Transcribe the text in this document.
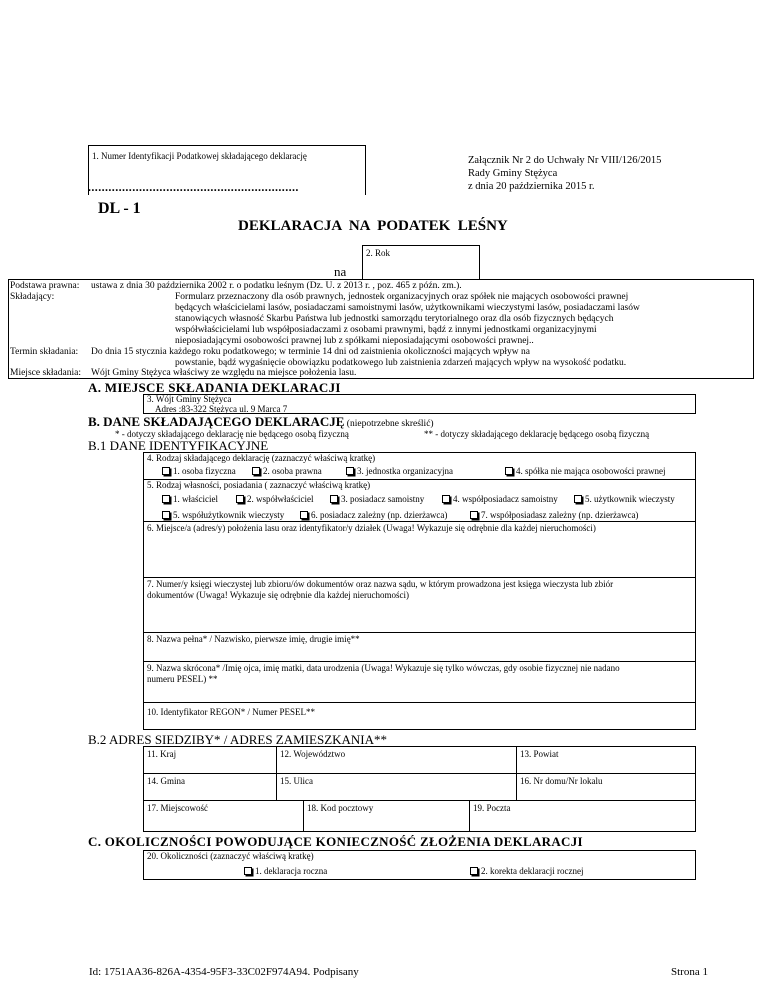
1. Numer Identyfikacji Podatkowej składającego deklarację
..............................................................
Załącznik Nr 2 do Uchwały Nr VIII/126/2015
Rady Gminy Stężyca
z dnia 20 października 2015 r.
DL - 1
DEKLARACJA  NA  PODATEK  LEŚNY
2. Rok
na
Podstawa prawna: ustawa z dnia 30 października 2002 r. o podatku leśnym (Dz. U. z 2013 r. , poz. 465 z późn. zm.).
Składający:	Formularz przeznaczony dla osób prawnych, jednostek organizacyjnych oraz spółek nie mających osobowości prawnej
będących właścicielami lasów, posiadaczami samoistnymi lasów, użytkownikami wieczystymi lasów, posiadaczami lasów
stanowiących własność Skarbu Państwa lub jednostki samorządu terytorialnego oraz dla osób fizycznych będących
współwłaścicielami lub współposiadaczami z osobami prawnymi, bądź z innymi jednostkami organizacyjnymi
nieposiadającymi osobowości prawnej lub z spółkami nieposiadającymi osobowości prawnej..
Termin składania: Do dnia 15 stycznia każdego roku podatkowego; w terminie 14 dni od zaistnienia okoliczności mających wpływ na
powstanie, bądź wygaśnięcie obowiązku podatkowego lub zaistnienia zdarzeń mających wpływ na wysokość podatku.
Miejsce składania: Wójt Gminy Stężyca właściwy ze względu na miejsce położenia lasu.
A. MIEJSCE SKŁADANIA DEKLARACJI
3. Wójt Gminy Stężyca
Adres :83-322 Stężyca ul. 9 Marca 7
B. DANE SKŁADAJĄCEGO DEKLARACJĘ (niepotrzebne skreślić)
* - dotyczy składającego deklarację nie będącego osobą fizyczną	** - dotyczy składającego deklarację będącego osobą fizyczną
B.1 DANE IDENTYFIKACYJNE
4. Rodzaj składającego deklarację (zaznaczyć właściwą kratkę)
1. osoba fizyczna	2. osoba prawna	3. jednostka organizacyjna	4. spółka nie mająca osobowości prawnej
5. Rodzaj własności, posiadania ( zaznaczyć właściwą kratkę)
1. właściciel	2. współwłaściciel	3. posiadacz samoistny	4. współposiadacz samoistny	5. użytkownik wieczysty
5. współużytkownik wieczysty	6. posiadacz zależny (np. dzierżawca)	7. współposiadasz zależny (np. dzierżawca)
6. Miejsce/a (adres/y) położenia lasu oraz identyfikator/y działek (Uwaga! Wykazuje się odrębnie dla każdej nieruchomości)
7. Numer/y księgi wieczystej lub zbioru/ów dokumentów oraz nazwa sądu, w którym prowadzona jest księga wieczysta lub zbiór
dokumentów (Uwaga! Wykazuje się odrębnie dla każdej nieruchomości)
8. Nazwa pełna* / Nazwisko, pierwsze imię, drugie imię**
9. Nazwa skrócona* /Imię ojca, imię matki, data urodzenia (Uwaga! Wykazuje się tylko wówczas, gdy osobie fizycznej nie nadano
numeru PESEL) **
10. Identyfikator REGON* / Numer PESEL**
B.2 ADRES SIEDZIBY* / ADRES ZAMIESZKANIA**
11. Kraj	12. Województwo	13. Powiat
14. Gmina	15. Ulica	16. Nr domu/Nr lokalu
17. Miejscowość	18. Kod pocztowy	19. Poczta
C. OKOLICZNOŚCI POWODUJĄCE KONIECZNOŚĆ ZŁOŻENIA DEKLARACJI
20. Okoliczności (zaznaczyć właściwą kratkę)
1. deklaracja roczna	2. korekta deklaracji rocznej
Id: 1751AA36-826A-4354-95F3-33C02F974A94. Podpisany	Strona 1
